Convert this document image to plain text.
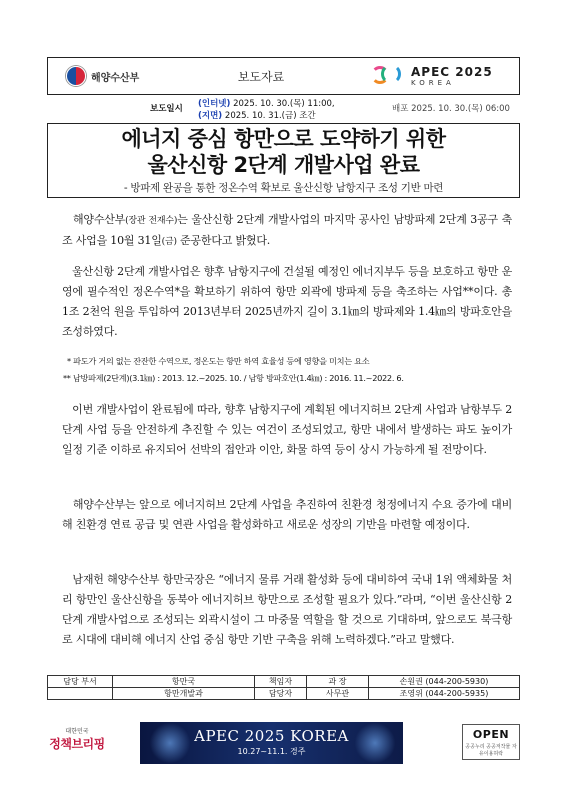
해양수산부	보도자료	APEC 2025
KOREA
보도일시	(인터넷) 2025. 10. 30.(목) 11:00,
(지면) 2025. 10. 31.(금) 조간
배포 2025. 10. 30.(목) 06:00
에너지 중심 항만으로 도약하기 위한
울산신항 2단계 개발사업 완료
- 방파제 완공을 통한 정온수역 확보로 울산신항 남항지구 조성 기반 마련
해양수산부(장관 전재수)는 울산신항 2단계 개발사업의 마지막 공사인 남방파제 2단계 3공구 축조 사업을 10월 31일(금) 준공한다고 밝혔다.
울산신항 2단계 개발사업은 향후 남항지구에 건설될 예정인 에너지부두 등을 보호하고 항만 운영에 필수적인 정온수역*을 확보하기 위하여 항만 외곽에 방파제 등을 축조하는 사업**이다. 총 1조 2천억 원을 투입하여 2013년부터 2025년까지 길이 3.1㎞의 방파제와 1.4㎞의 방파호안을 조성하였다.
* 파도가 거의 없는 잔잔한 수역으로, 정온도는 항만 하역 효율성 등에 영향을 미치는 요소
** 남방파제(2단계)(3.1㎞) : 2013. 12.~2025. 10. / 남항 방파호안(1.4㎞) : 2016. 11.~2022. 6.
이번 개발사업이 완료됨에 따라, 향후 남항지구에 계획된 에너지허브 2단계 사업과 남항부두 2단계 사업 등을 안전하게 추진할 수 있는 여건이 조성되었고, 항만 내에서 발생하는 파도 높이가 일정 기준 이하로 유지되어 선박의 접안과 이안, 화물 하역 등이 상시 가능하게 될 전망이다.
해양수산부는 앞으로 에너지허브 2단계 사업을 추진하여 친환경 청정에너지 수요 증가에 대비해 친환경 연료 공급 및 연관 사업을 활성화하고 새로운 성장의 기반을 마련할 예정이다.
남재헌 해양수산부 항만국장은 “에너지 물류 거래 활성화 등에 대비하여 국내 1위 액체화물 처리 항만인 울산신항을 동북아 에너지허브 항만으로 조성할 필요가 있다.”라며, “이번 울산신항 2단계 개발사업으로 조성되는 외곽시설이 그 마중물 역할을 할 것으로 기대하며, 앞으로도 북극항로 시대에 대비해 에너지 산업 중심 항만 기반 구축을 위해 노력하겠다.”라고 말했다.
담당 부서	항만국	책임자	과 장	손원권 (044-200-5930)
	항만개발과	담당자	사무관	조영위 (044-200-5935)
대한민국
정책브리핑	APEC 2025 KOREA
10.27~11.1. 경주
OPEN
공공누리 공공저작물 자유이용허락
